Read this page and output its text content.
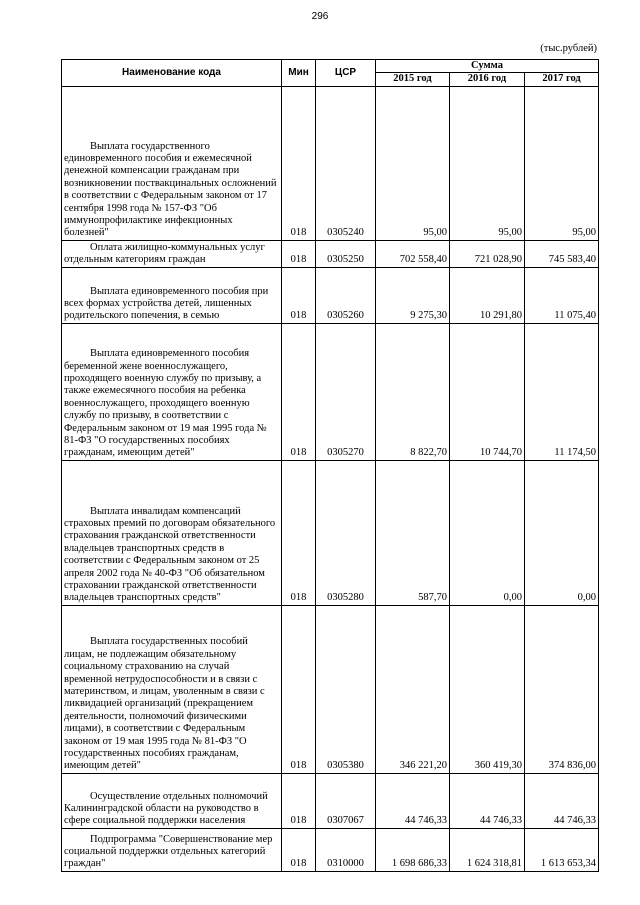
296
(тыс.рублей)
Наименование кода	Мин	ЦСР	Сумма		
			2015 год	2016 год	2017 год
Выплата государственного единовременного пособия и ежемесячной денежной компенсации гражданам при возникновении поствакцинальных осложнений в соответствии с Федеральным законом от 17 сентября 1998 года № 157-ФЗ "Об иммунопрофилактике инфекционных болезней"	018	0305240	95,00	95,00	95,00
Оплата жилищно-коммунальных услуг отдельным категориям граждан	018	0305250	702 558,40	721 028,90	745 583,40
Выплата единовременного пособия при всех формах устройства детей, лишенных родительского попечения, в семью	018	0305260	9 275,30	10 291,80	11 075,40
Выплата единовременного пособия беременной жене военнослужащего, проходящего военную службу по призыву, а также ежемесячного пособия на ребенка военнослужащего, проходящего военную службу по призыву, в соответствии с Федеральным законом от 19 мая 1995 года № 81-ФЗ "О государственных пособиях гражданам, имеющим детей"	018	0305270	8 822,70	10 744,70	11 174,50
Выплата инвалидам компенсаций страховых премий по договорам обязательного страхования гражданской ответственности владельцев транспортных средств в соответствии с Федеральным законом от 25 апреля 2002 года № 40-ФЗ "Об обязательном страховании гражданской ответственности владельцев транспортных средств"	018	0305280	587,70	0,00	0,00
Выплата государственных пособий лицам, не подлежащим обязательному социальному страхованию на случай временной нетрудоспособности и в связи с материнством, и лицам, уволенным в связи с ликвидацией организаций (прекращением деятельности, полномочий физическими лицами), в соответствии с Федеральным законом от 19 мая 1995 года № 81-ФЗ "О государственных пособиях гражданам, имеющим детей"	018	0305380	346 221,20	360 419,30	374 836,00
Осуществление отдельных полномочий Калининградской области на руководство в сфере социальной поддержки населения	018	0307067	44 746,33	44 746,33	44 746,33
Подпрограмма "Совершенствование мер социальной поддержки отдельных категорий граждан"	018	0310000	1 698 686,33	1 624 318,81	1 613 653,34
